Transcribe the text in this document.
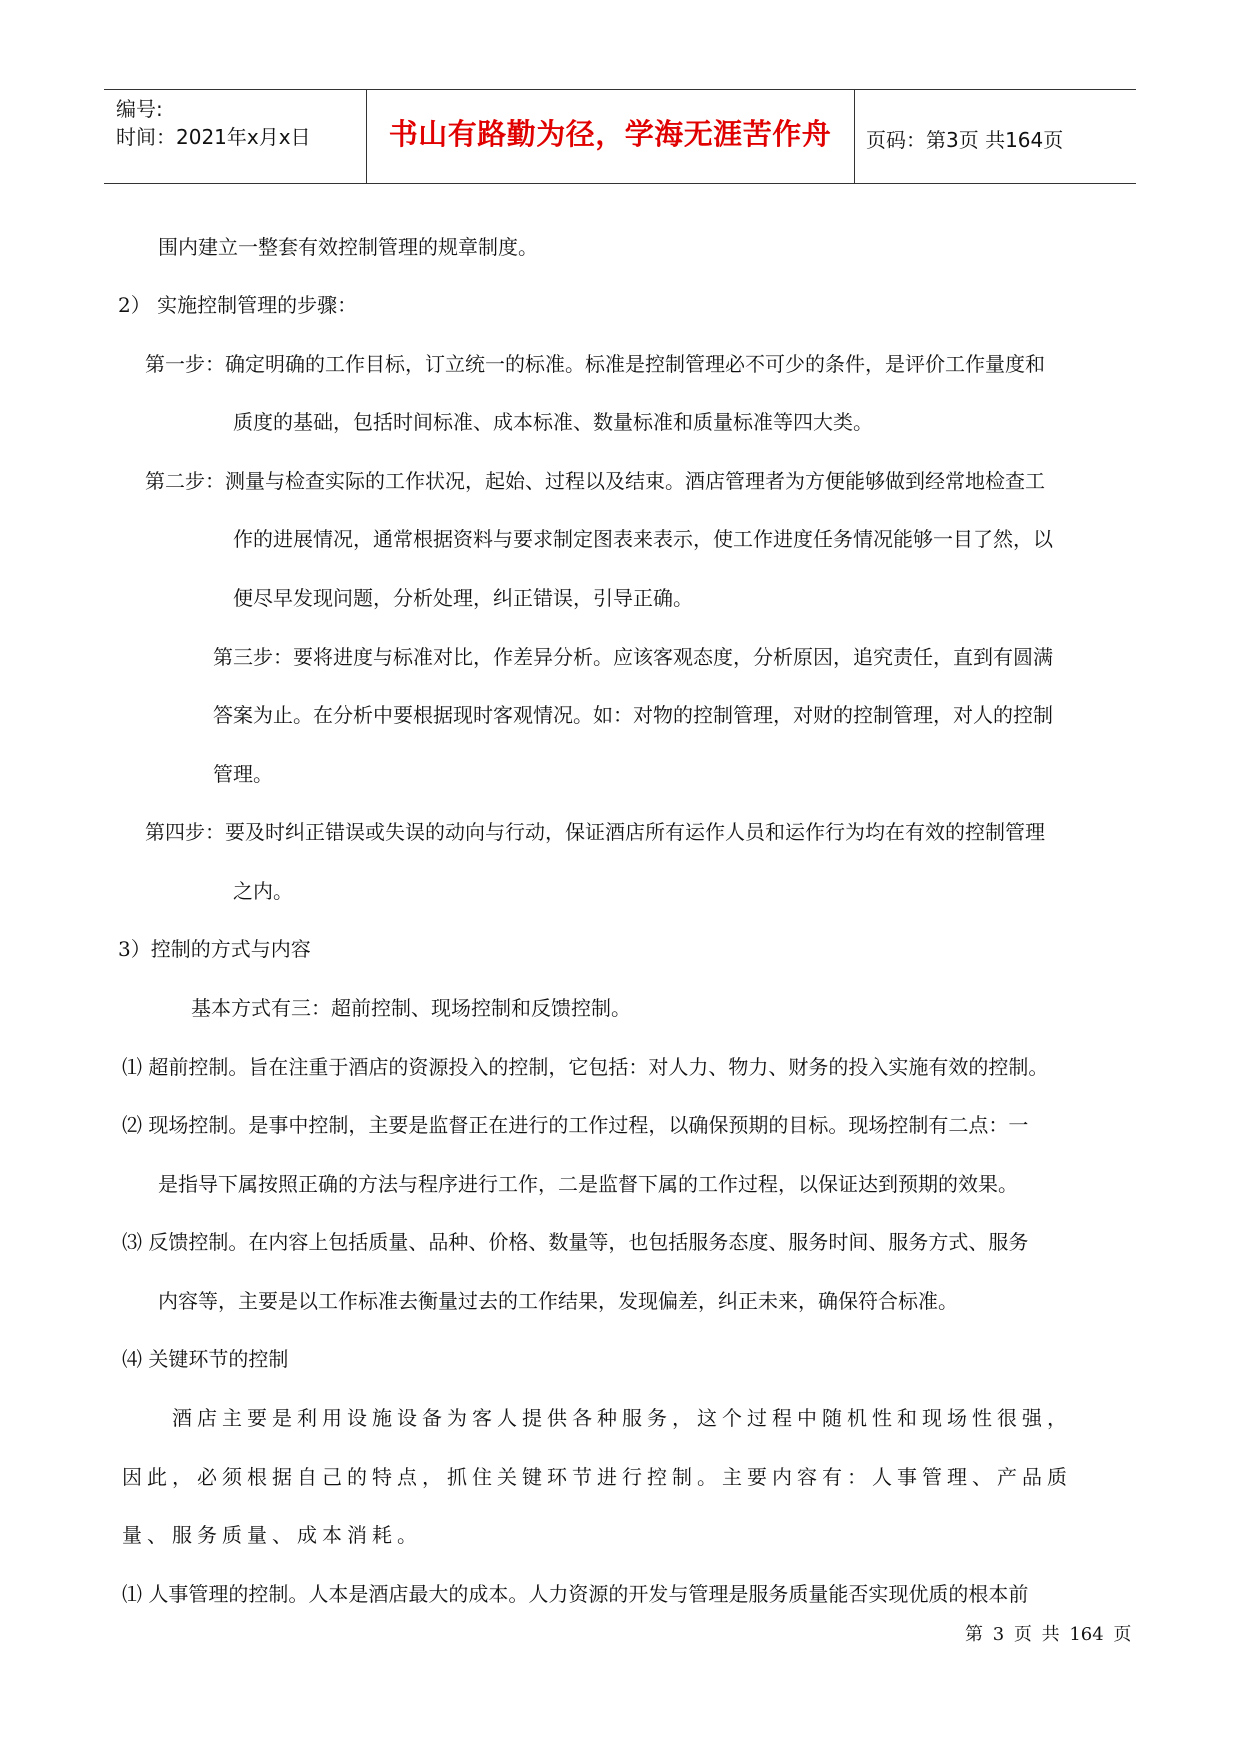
编号:
时间：2021年x月x日	书山有路勤为径，学海无涯苦作舟	页码：第3页 共164页
围内建立一整套有效控制管理的规章制度。
2） 实施控制管理的步骤：
第一步：确定明确的工作目标，订立统一的标准。标准是控制管理必不可少的条件，是评价工作量度和
质度的基础，包括时间标准、成本标准、数量标准和质量标准等四大类。
第二步：测量与检查实际的工作状况，起始、过程以及结束。酒店管理者为方便能够做到经常地检查工
作的进展情况，通常根据资料与要求制定图表来表示，使工作进度任务情况能够一目了然，以
便尽早发现问题，分析处理，纠正错误，引导正确。
第三步：要将进度与标准对比，作差异分析。应该客观态度，分析原因，追究责任，直到有圆满
答案为止。在分析中要根据现时客观情况。如：对物的控制管理，对财的控制管理，对人的控制
管理。
第四步：要及时纠正错误或失误的动向与行动，保证酒店所有运作人员和运作行为均在有效的控制管理
之内。
3）控制的方式与内容
基本方式有三：超前控制、现场控制和反馈控制。
⑴ 超前控制。旨在注重于酒店的资源投入的控制，它包括：对人力、物力、财务的投入实施有效的控制。
⑵ 现场控制。是事中控制，主要是监督正在进行的工作过程，以确保预期的目标。现场控制有二点：一
是指导下属按照正确的方法与程序进行工作，二是监督下属的工作过程，以保证达到预期的效果。
⑶ 反馈控制。在内容上包括质量、品种、价格、数量等，也包括服务态度、服务时间、服务方式、服务
内容等，主要是以工作标准去衡量过去的工作结果，发现偏差，纠正未来，确保符合标准。
⑷ 关键环节的控制
酒店主要是利用设施设备为客人提供各种服务，这个过程中随机性和现场性很强，
因此，必须根据自己的特点，抓住关键环节进行控制。主要内容有：人事管理、产品质
量、服务质量、成本消耗。
⑴ 人事管理的控制。人本是酒店最大的成本。人力资源的开发与管理是服务质量能否实现优质的根本前
第 3 页 共 164 页
